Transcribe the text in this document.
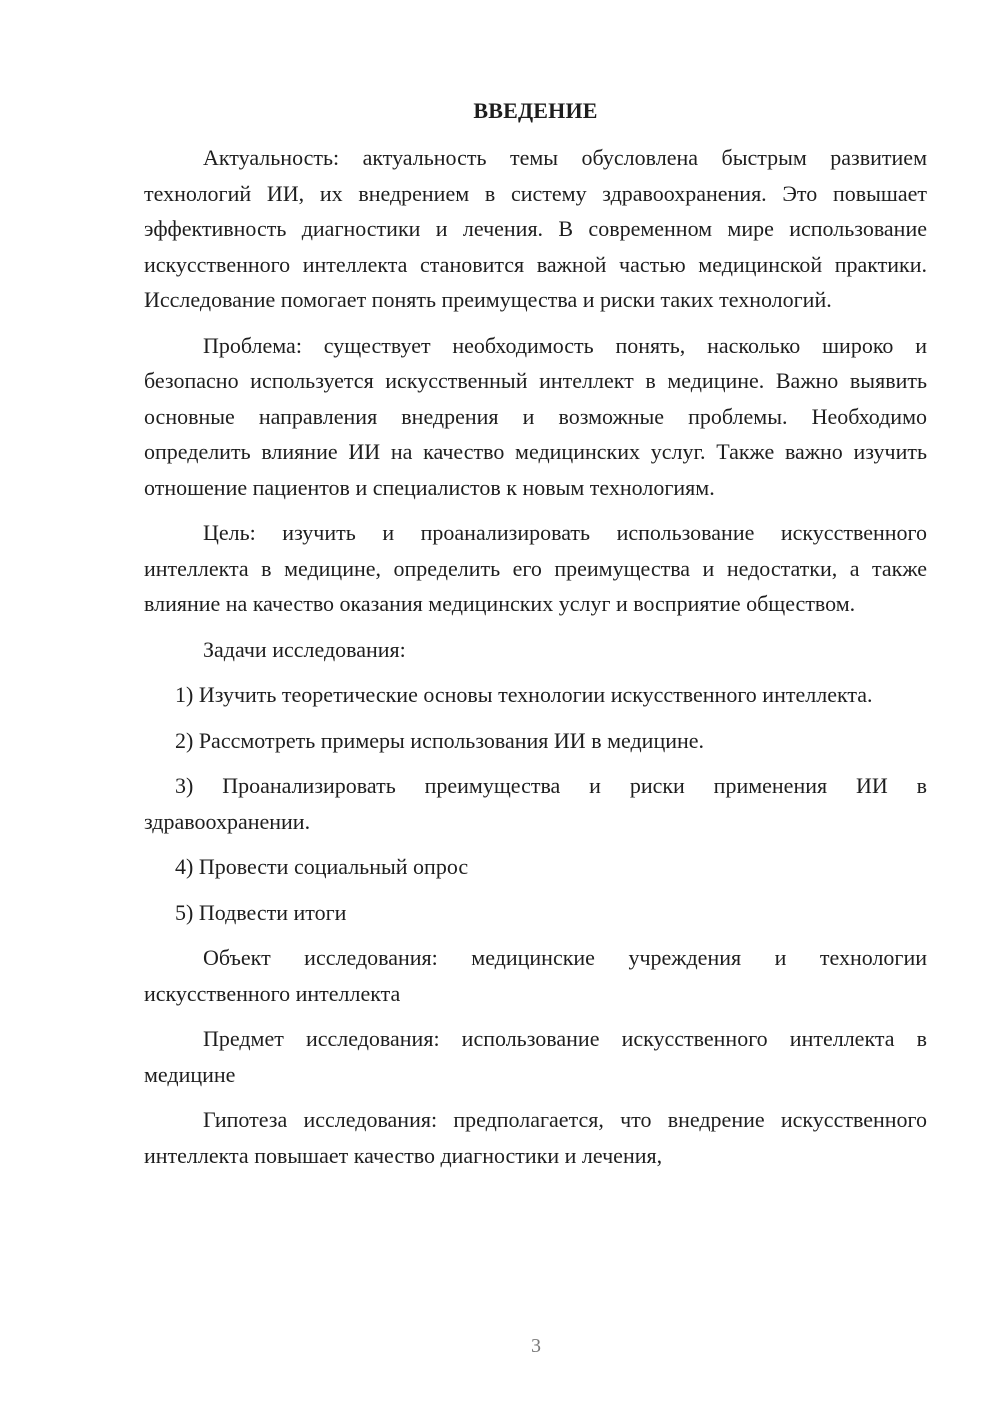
ВВЕДЕНИЕ

Актуальность: актуальность темы обусловлена быстрым развитием технологий ИИ, их внедрением в систему здравоохранения. Это повышает эффективность диагностики и лечения. В современном мире использование искусственного интеллекта становится важной частью медицинской практики. Исследование помогает понять преимущества и риски таких технологий.

Проблема: существует необходимость понять, насколько широко и безопасно используется искусственный интеллект в медицине. Важно выявить основные направления внедрения и возможные проблемы. Необходимо определить влияние ИИ на качество медицинских услуг. Также важно изучить отношение пациентов и специалистов к новым технологиям.

Цель: изучить и проанализировать использование искусственного интеллекта в медицине, определить его преимущества и недостатки, а также влияние на качество оказания медицинских услуг и восприятие обществом.

Задачи исследования:

1) Изучить теоретические основы технологии искусственного интеллекта.

2) Рассмотреть примеры использования ИИ в медицине.

3) Проанализировать преимущества и риски применения ИИ в здравоохранении.

4) Провести социальный опрос

5) Подвести итоги

Объект исследования: медицинские учреждения и технологии искусственного интеллекта

Предмет исследования: использование искусственного интеллекта в медицине

Гипотеза исследования: предполагается, что внедрение искусственного интеллекта повышает качество диагностики и лечения,

3
